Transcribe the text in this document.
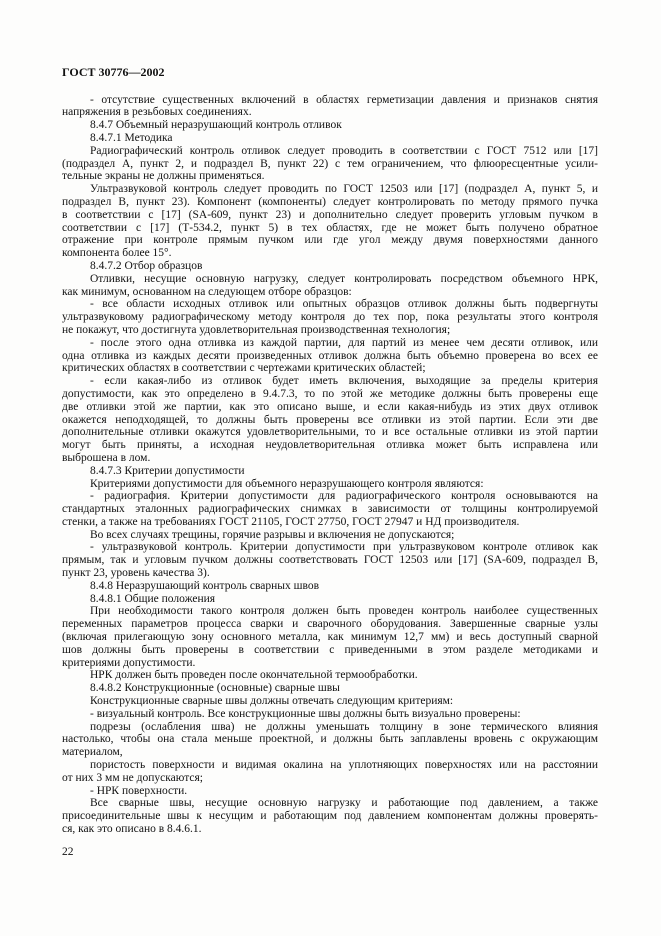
ГОСТ 30776—2002
- отсутствие существенных включений в областях герметизации давления и признаков снятия
напряжения в резьбовых соединениях.
8.4.7 Объемный неразрушающий контроль отливок
8.4.7.1 Методика
Радиографический контроль отливок следует проводить в соответствии с ГОСТ 7512 или [17]
(подраздел А, пункт 2, и подраздел В, пункт 22) с тем ограничением, что флюоресцентные усили-
тельные экраны не должны применяться.
Ультразвуковой контроль следует проводить по ГОСТ 12503 или [17] (подраздел А, пункт 5, и
подраздел В, пункт 23). Компонент (компоненты) следует контролировать по методу прямого пучка
в соответствии с [17] (SA-609, пункт 23) и дополнительно следует проверить угловым пучком в
соответствии с [17] (Т-534.2, пункт 5) в тех областях, где не может быть получено обратное
отражение при контроле прямым пучком или где угол между двумя поверхностями данного
компонента более 15°.
8.4.7.2 Отбор образцов
Отливки, несущие основную нагрузку, следует контролировать посредством объемного НРК,
как минимум, основанном на следующем отборе образцов:
- все области исходных отливок или опытных образцов отливок должны быть подвергнуты
ультразвуковому радиографическому методу контроля до тех пор, пока результаты этого контроля
не покажут, что достигнута удовлетворительная производственная технология;
- после этого одна отливка из каждой партии, для партий из менее чем десяти отливок, или
одна отливка из каждых десяти произведенных отливок должна быть объемно проверена во всех ее
критических областях в соответствии с чертежами критических областей;
- если какая-либо из отливок будет иметь включения, выходящие за пределы критерия
допустимости, как это определено в 9.4.7.3, то по этой же методике должны быть проверены еще
две отливки этой же партии, как это описано выше, и если какая-нибудь из этих двух отливок
окажется неподходящей, то должны быть проверены все отливки из этой партии. Если эти две
дополнительные отливки окажутся удовлетворительными, то и все остальные отливки из этой партии
могут быть приняты, а исходная неудовлетворительная отливка может быть исправлена или
выброшена в лом.
8.4.7.3 Критерии допустимости
Критериями допустимости для объемного неразрушающего контроля являются:
- радиография. Критерии допустимости для радиографического контроля основываются на
стандартных эталонных радиографических снимках в зависимости от толщины контролируемой
стенки, а также на требованиях ГОСТ 21105, ГОСТ 27750, ГОСТ 27947 и НД производителя.
Во всех случаях трещины, горячие разрывы и включения не допускаются;
- ультразвуковой контроль. Критерии допустимости при ультразвуковом контроле отливок как
прямым, так и угловым пучком должны соответствовать ГОСТ 12503 или [17] (SA-609, подраздел В,
пункт 23, уровень качества 3).
8.4.8 Неразрушающий контроль сварных швов
8.4.8.1 Общие положения
При необходимости такого контроля должен быть проведен контроль наиболее существенных
переменных параметров процесса сварки и сварочного оборудования. Завершенные сварные узлы
(включая прилегающую зону основного металла, как минимум 12,7 мм) и весь доступный сварной
шов должны быть проверены в соответствии с приведенными в этом разделе методиками и
критериями допустимости.
НРК должен быть проведен после окончательной термообработки.
8.4.8.2 Конструкционные (основные) сварные швы
Конструкционные сварные швы должны отвечать следующим критериям:
- визуальный контроль. Все конструкционные швы должны быть визуально проверены:
подрезы (ослабления шва) не должны уменьшать толщину в зоне термического влияния
настолько, чтобы она стала меньше проектной, и должны быть заплавлены вровень с окружающим
материалом,
пористость поверхности и видимая окалина на уплотняющих поверхностях или на расстоянии
от них 3 мм не допускаются;
- НРК поверхности.
Все сварные швы, несущие основную нагрузку и работающие под давлением, а также
присоединительные швы к несущим и работающим под давлением компонентам должны проверять-
ся, как это описано в 8.4.6.1.
22
